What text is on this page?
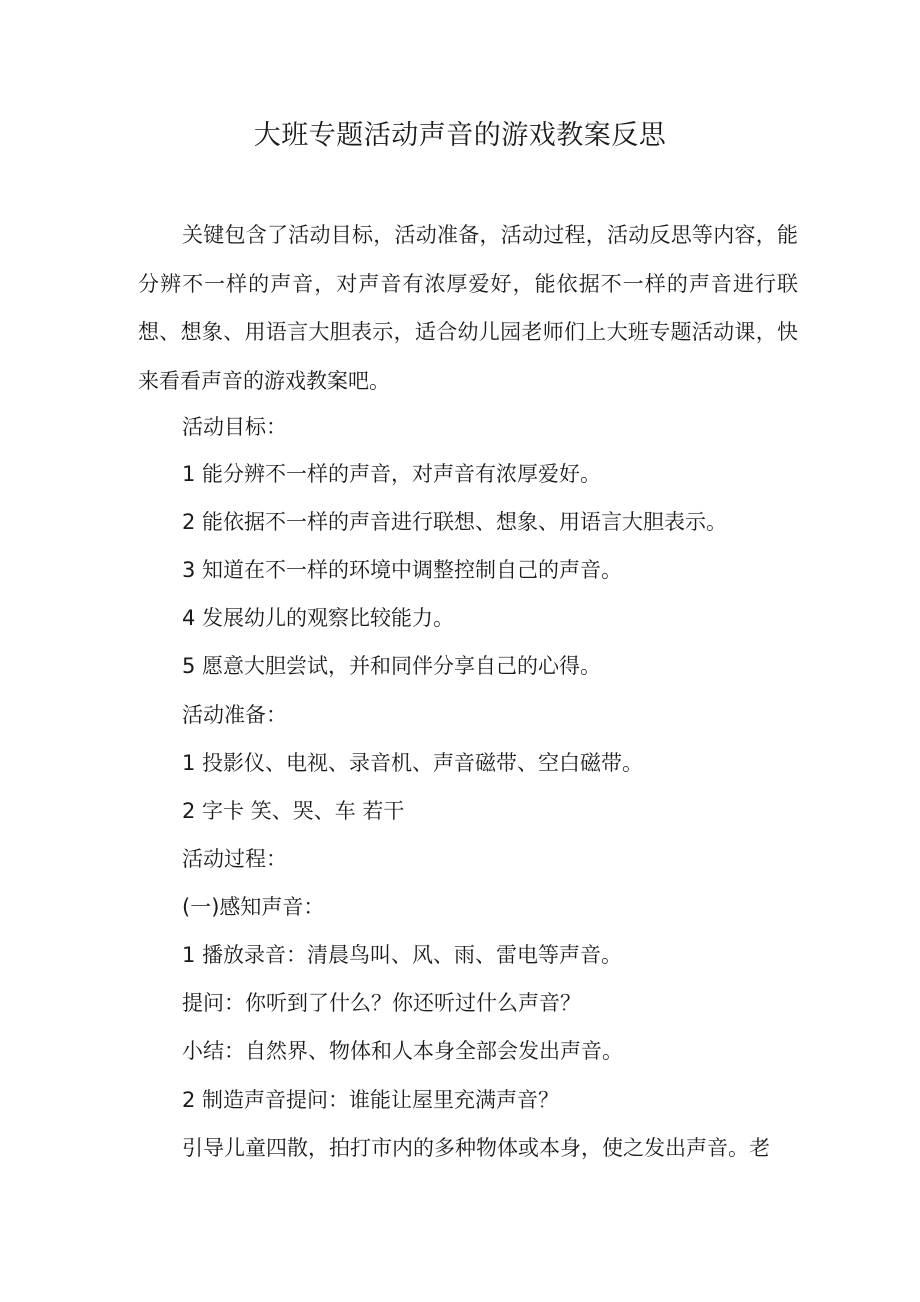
大班专题活动声音的游戏教案反思

关键包含了活动目标，活动准备，活动过程，活动反思等内容，能分辨不一样的声音，对声音有浓厚爱好，能依据不一样的声音进行联想、想象、用语言大胆表示，适合幼儿园老师们上大班专题活动课，快来看看声音的游戏教案吧。

活动目标：

1 能分辨不一样的声音，对声音有浓厚爱好。

2 能依据不一样的声音进行联想、想象、用语言大胆表示。

3 知道在不一样的环境中调整控制自己的声音。

4 发展幼儿的观察比较能力。

5 愿意大胆尝试，并和同伴分享自己的心得。

活动准备：

1 投影仪、电视、录音机、声音磁带、空白磁带。

2 字卡 笑、哭、车 若干

活动过程：

(一)感知声音：

1 播放录音：清晨鸟叫、风、雨、雷电等声音。

提问：你听到了什么？你还听过什么声音？

小结：自然界、物体和人本身全部会发出声音。

2 制造声音提问：谁能让屋里充满声音？

引导儿童四散，拍打市内的多种物体或本身，使之发出声音。老
